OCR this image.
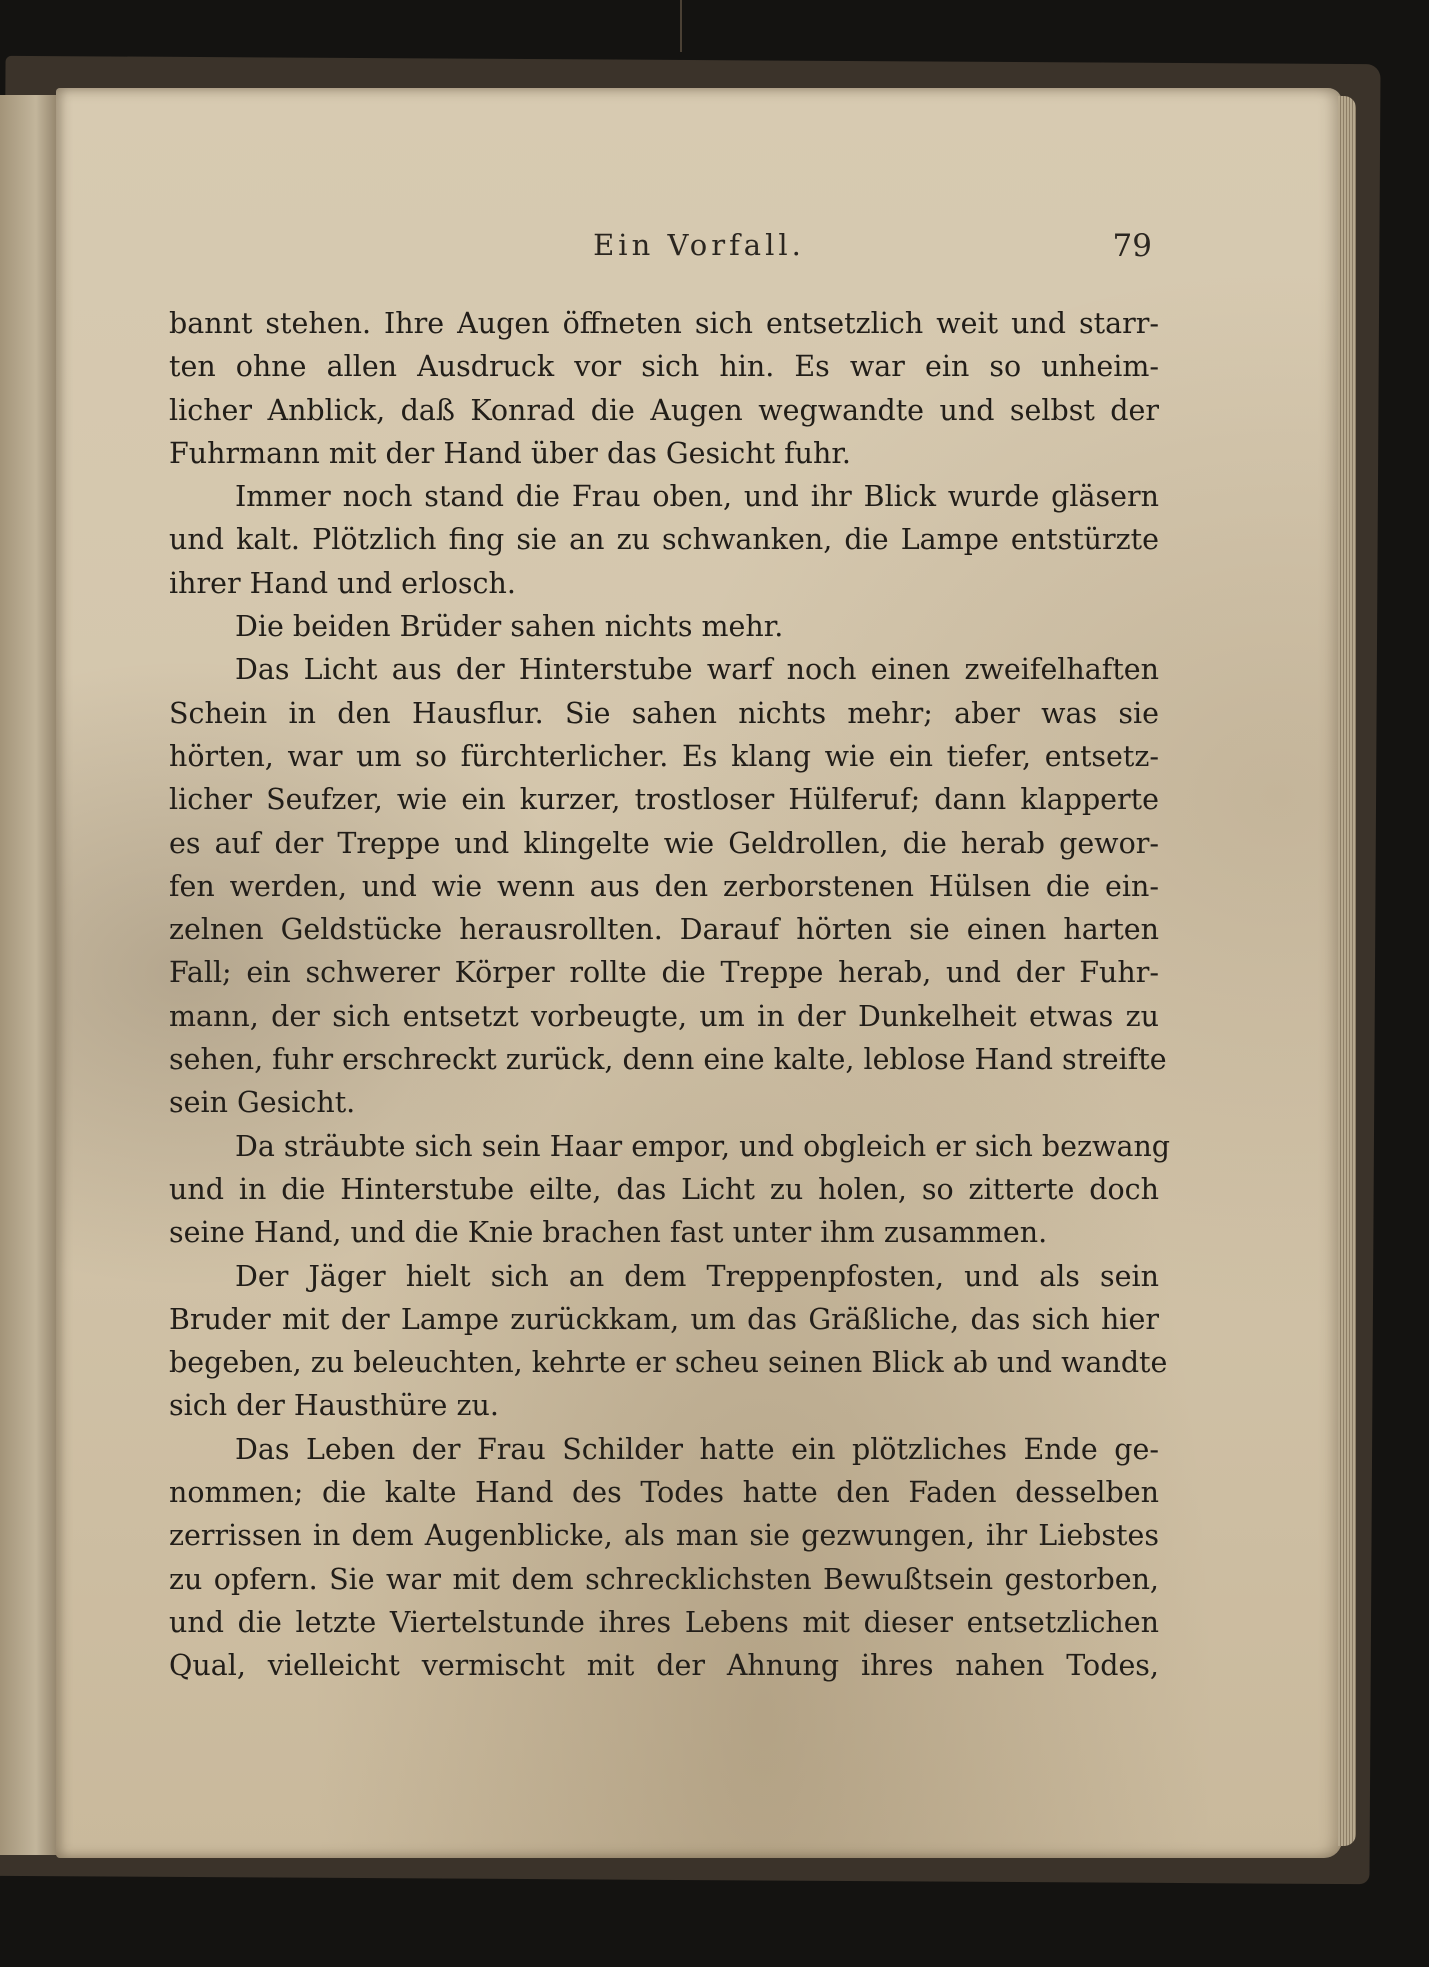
Ein Vorfall.	79
bannt stehen. Ihre Augen öffneten sich entsetzlich weit und starr-
ten ohne allen Ausdruck vor sich hin. Es war ein so unheim-
licher Anblick, daß Konrad die Augen wegwandte und selbst der
Fuhrmann mit der Hand über das Gesicht fuhr.
Immer noch stand die Frau oben, und ihr Blick wurde gläsern
und kalt. Plötzlich fing sie an zu schwanken, die Lampe entstürzte
ihrer Hand und erlosch.
Die beiden Brüder sahen nichts mehr.
Das Licht aus der Hinterstube warf noch einen zweifelhaften
Schein in den Hausflur. Sie sahen nichts mehr; aber was sie
hörten, war um so fürchterlicher. Es klang wie ein tiefer, entsetz-
licher Seufzer, wie ein kurzer, trostloser Hülferuf; dann klapperte
es auf der Treppe und klingelte wie Geldrollen, die herab gewor-
fen werden, und wie wenn aus den zerborstenen Hülsen die ein-
zelnen Geldstücke herausrollten. Darauf hörten sie einen harten
Fall; ein schwerer Körper rollte die Treppe herab, und der Fuhr-
mann, der sich entsetzt vorbeugte, um in der Dunkelheit etwas zu
sehen, fuhr erschreckt zurück, denn eine kalte, leblose Hand streifte
sein Gesicht.
Da sträubte sich sein Haar empor, und obgleich er sich bezwang
und in die Hinterstube eilte, das Licht zu holen, so zitterte doch
seine Hand, und die Knie brachen fast unter ihm zusammen.
Der Jäger hielt sich an dem Treppenpfosten, und als sein
Bruder mit der Lampe zurückkam, um das Gräßliche, das sich hier
begeben, zu beleuchten, kehrte er scheu seinen Blick ab und wandte
sich der Hausthüre zu.
Das Leben der Frau Schilder hatte ein plötzliches Ende ge-
nommen; die kalte Hand des Todes hatte den Faden desselben
zerrissen in dem Augenblicke, als man sie gezwungen, ihr Liebstes
zu opfern. Sie war mit dem schrecklichsten Bewußtsein gestorben,
und die letzte Viertelstunde ihres Lebens mit dieser entsetzlichen
Qual, vielleicht vermischt mit der Ahnung ihres nahen Todes,
